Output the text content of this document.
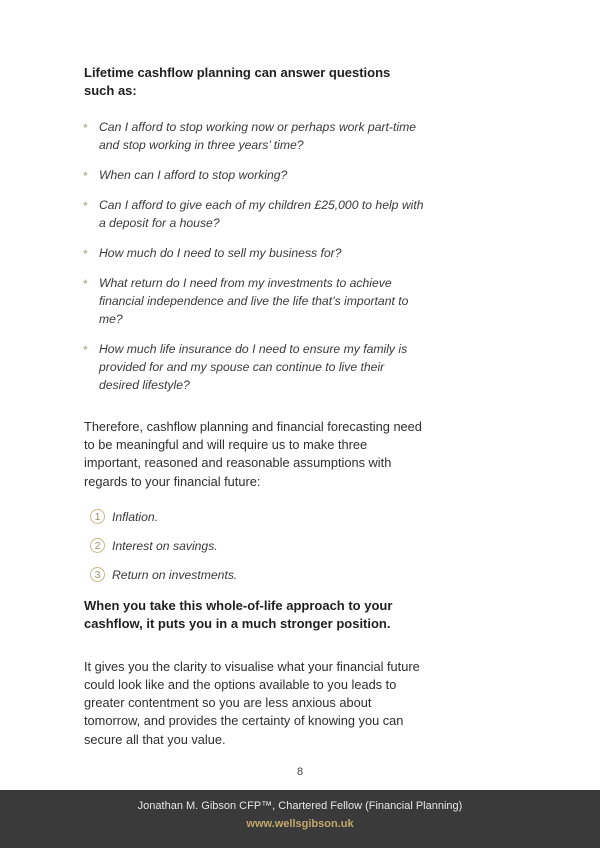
Lifetime cashflow planning can answer questions such as:

* Can I afford to stop working now or perhaps work part-time and stop working in three years’ time?
* When can I afford to stop working?
* Can I afford to give each of my children £25,000 to help with a deposit for a house?
* How much do I need to sell my business for?
* What return do I need from my investments to achieve financial independence and live the life that’s important to me?
* How much life insurance do I need to ensure my family is provided for and my spouse can continue to live their desired lifestyle?

Therefore, cashflow planning and financial forecasting need to be meaningful and will require us to make three important, reasoned and reasonable assumptions with regards to your financial future:

1 Inflation.
2 Interest on savings.
3 Return on investments.

When you take this whole-of-life approach to your cashflow, it puts you in a much stronger position.

It gives you the clarity to visualise what your financial future could look like and the options available to you leads to greater contentment so you are less anxious about tomorrow, and provides the certainty of knowing you can secure all that you value.

8
Jonathan M. Gibson CFP™, Chartered Fellow (Financial Planning)
www.wellsgibson.uk
